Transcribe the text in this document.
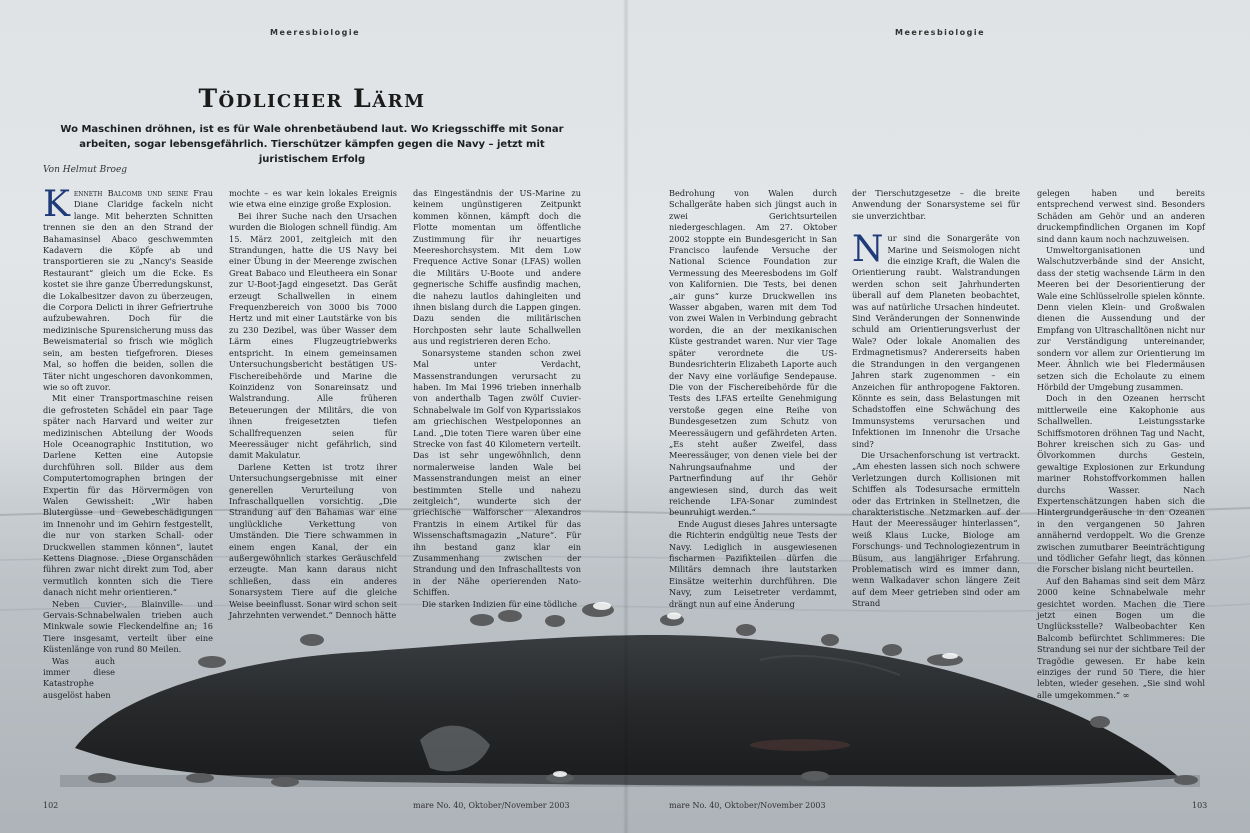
Meeresbiologie	Meeresbiologie
Tödlicher Lärm

Wo Maschinen dröhnen, ist es für Wale ohrenbetäubend laut. Wo Kriegsschiffe mit Sonar arbeiten, sogar lebensgefährlich. Tierschützer kämpfen gegen die Navy – jetzt mit juristischem Erfolg

Von Helmut Broeg

Kenneth Balcomb und seine Frau Diane Claridge fackeln nicht lange. Mit beherzten Schnitten trennen sie den an den Strand der Bahamasinsel Abaco geschwemmten Kadavern die Köpfe ab und transportieren sie zu „Nancy's Seaside Restaurant“ gleich um die Ecke. Es kostet sie ihre ganze Überredungskunst, die Lokalbesitzer davon zu überzeugen, die Corpora Delicti in ihrer Gefriertruhe aufzubewahren. Doch für die medizinische Spurensicherung muss das Beweismaterial so frisch wie möglich sein, am besten tiefgefroren. Dieses Mal, so hoffen die beiden, sollen die Täter nicht ungeschoren davonkommen, wie so oft zuvor.

Mit einer Transportmaschine reisen die gefrosteten Schädel ein paar Tage später nach Harvard und weiter zur medizinischen Abteilung der Woods Hole Oceanographic Institution, wo Darlene Ketten eine Autopsie durchführen soll. Bilder aus dem Computertomographen bringen der Expertin für das Hörvermögen von Walen Gewissheit: „Wir haben Blutergüsse und Gewebeschädigungen im Innenohr und im Gehirn festgestellt, die nur von starken Schall- oder Druckwellen stammen können“, lautet Kettens Diagnose. „Diese Organschäden führen zwar nicht direkt zum Tod, aber vermutlich konnten sich die Tiere danach nicht mehr orientieren.“

Neben Cuvier-, Blainville- und Gervais-Schnabelwalen trieben auch Minkwale sowie Fleckendelfine an; 16 Tiere insgesamt, verteilt über eine Küstenlänge von rund 80 Meilen.

Was auch immer diese Katastrophe ausgelöst haben

mochte – es war kein lokales Ereignis wie etwa eine einzige große Explosion.

Bei ihrer Suche nach den Ursachen wurden die Biologen schnell fündig. Am 15. März 2001, zeitgleich mit den Strandungen, hatte die US Navy bei einer Übung in der Meerenge zwischen Great Babaco und Eleutheera ein Sonar zur U-Boot-Jagd eingesetzt. Das Gerät erzeugt Schallwellen in einem Frequenzbereich von 3000 bis 7000 Hertz und mit einer Lautstärke von bis zu 230 Dezibel, was über Wasser dem Lärm eines Flugzeugtriebwerks entspricht. In einem gemeinsamen Untersuchungsbericht bestätigen US-Fischereibehörde und Marine die Koinzidenz von Sonareinsatz und Walstrandung. Alle früheren Beteuerungen der Militärs, die von ihnen freigesetzten tiefen Schallfrequenzen seien für Meeressäuger nicht gefährlich, sind damit Makulatur.

Darlene Ketten ist trotz ihrer Untersuchungsergebnisse mit einer generellen Verurteilung von Infraschallquellen vorsichtig. „Die Strandung auf den Bahamas war eine unglückliche Verkettung von Umständen. Die Tiere schwammen in einem engen Kanal, der ein außergewöhnlich starkes Geräuschfeld erzeugte. Man kann daraus nicht schließen, dass ein anderes Sonarsystem Tiere auf die gleiche Weise beeinflusst. Sonar wird schon seit Jahrzehnten verwendet.“ Dennoch hätte

das Eingeständnis der US-Marine zu keinem ungünstigeren Zeitpunkt kommen können, kämpft doch die Flotte momentan um öffentliche Zustimmung für ihr neuartiges Meereshorchsystem. Mit dem Low Frequence Active Sonar (LFAS) wollen die Militärs U-Boote und andere gegnerische Schiffe ausfindig machen, die nahezu lautlos dahingleiten und ihnen bislang durch die Lappen gingen. Dazu senden die militärischen Horchposten sehr laute Schallwellen aus und registrieren deren Echo.

Sonarsysteme standen schon zwei Mal unter Verdacht, Massenstrandungen verursacht zu haben. Im Mai 1996 trieben innerhalb von anderthalb Tagen zwölf Cuvier-Schnabelwale im Golf von Kyparissiakos am griechischen Westpeloponnes an Land. „Die toten Tiere waren über eine Strecke von fast 40 Kilometern verteilt. Das ist sehr ungewöhnlich, denn normalerweise landen Wale bei Massenstrandungen meist an einer bestimmten Stelle und nahezu zeitgleich“, wunderte sich der griechische Walforscher Alexandros Frantzis in einem Artikel für das Wissenschaftsmagazin „Nature“. Für ihn bestand ganz klar ein Zusammenhang zwischen der Strandung und den Infraschalltests von in der Nähe operierenden Nato-Schiffen.

Die starken Indizien für eine tödliche

Bedrohung von Walen durch Schallgeräte haben sich jüngst auch in zwei Gerichtsurteilen niedergeschlagen. Am 27. Oktober 2002 stoppte ein Bundesgericht in San Francisco laufende Versuche der National Science Foundation zur Vermessung des Meeresbodens im Golf von Kalifornien. Die Tests, bei denen „air guns“ kurze Druckwellen ins Wasser abgaben, waren mit dem Tod von zwei Walen in Verbindung gebracht worden, die an der mexikanischen Küste gestrandet waren. Nur vier Tage später verordnete die US-Bundesrichterin Elizabeth Laporte auch der Navy eine vorläufige Sendepause. Die von der Fischereibehörde für die Tests des LFAS erteilte Genehmigung verstoße gegen eine Reihe von Bundesgesetzen zum Schutz von Meeressäugern und gefährdeten Arten. „Es steht außer Zweifel, dass Meeressäuger, von denen viele bei der Nahrungsaufnahme und der Partnerfindung auf ihr Gehör angewiesen sind, durch das weit reichende LFA-Sonar zumindest beunruhigt werden.“

Ende August dieses Jahres untersagte die Richterin endgültig neue Tests der Navy. Lediglich in ausgewiesenen fischarmen Pazifikteilen dürfen die Militärs demnach ihre lautstarken Einsätze weiterhin durchführen. Die Navy, zum Leisetreter verdammt, drängt nun auf eine Änderung

der Tierschutzgesetze – die breite Anwendung der Sonarsysteme sei für sie unverzichtbar.

Nur sind die Sonargeräte von Marine und Seismologen nicht die einzige Kraft, die Walen die Orientierung raubt. Walstrandungen werden schon seit Jahrhunderten überall auf dem Planeten beobachtet, was auf natürliche Ursachen hindeutet. Sind Veränderungen der Sonnenwinde schuld am Orientierungsverlust der Wale? Oder lokale Anomalien des Erdmagnetismus? Andererseits haben die Strandungen in den vergangenen Jahren stark zugenommen – ein Anzeichen für anthropogene Faktoren. Könnte es sein, dass Belastungen mit Schadstoffen eine Schwächung des Immunsystems verursachen und Infektionen im Innenohr die Ursache sind?

Die Ursachenforschung ist vertrackt. „Am ehesten lassen sich noch schwere Verletzungen durch Kollisionen mit Schiffen als Todesursache ermitteln oder das Ertrinken in Stellnetzen, die charakteristische Netzmarken auf der Haut der Meeressäuger hinterlassen“, weiß Klaus Lucke, Biologe am Forschungs- und Technologiezentrum in Büsum, aus langjähriger Erfahrung. Problematisch wird es immer dann, wenn Walkadaver schon längere Zeit auf dem Meer getrieben sind oder am Strand

gelegen haben und bereits entsprechend verwest sind. Besonders Schäden am Gehör und an anderen druckempfindlichen Organen im Kopf sind dann kaum noch nachzuweisen.

Umweltorganisationen und Walschutzverbände sind der Ansicht, dass der stetig wachsende Lärm in den Meeren bei der Desorientierung der Wale eine Schlüsselrolle spielen könnte. Denn vielen Klein- und Großwalen dienen die Aussendung und der Empfang von Ultraschalltönen nicht nur zur Verständigung untereinander, sondern vor allem zur Orientierung im Meer. Ähnlich wie bei Fledermäusen setzen sich die Echolaute zu einem Hörbild der Umgebung zusammen.

Doch in den Ozeanen herrscht mittlerweile eine Kakophonie aus Schallwellen. Leistungsstarke Schiffsmotoren dröhnen Tag und Nacht, Bohrer kreischen sich zu Gas- und Ölvorkommen durchs Gestein, gewaltige Explosionen zur Erkundung mariner Rohstoffvorkommen hallen durchs Wasser. Nach Expertenschätzungen haben sich die Hintergrundgeräusche in den Ozeanen in den vergangenen 50 Jahren annähernd verdoppelt. Wo die Grenze zwischen zumutbarer Beeinträchtigung und tödlicher Gefahr liegt, das können die Forscher bislang nicht beurteilen.

Auf den Bahamas sind seit dem März 2000 keine Schnabelwale mehr gesichtet worden. Machen die Tiere jetzt einen Bogen um die Unglücksstelle? Walbeobachter Ken Balcomb befürchtet Schlimmeres: Die Strandung sei nur der sichtbare Teil der Tragödie gewesen. Er habe kein einziges der rund 50 Tiere, die hier lebten, wieder gesehen. „Sie sind wohl alle umgekommen.“ ∞

102	mare No. 40, Oktober/November 2003	mare No. 40, Oktober/November 2003	103
